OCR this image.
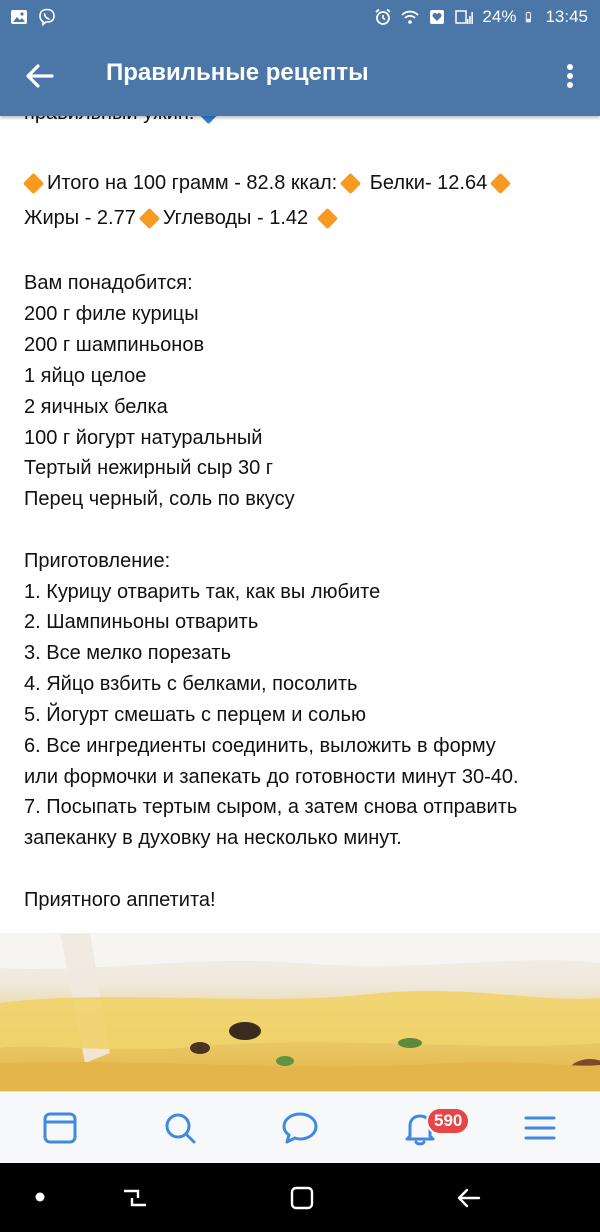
24% 13:45
Правильные рецепты
Итого на 100 грамм - 82.8 ккал: Белки- 12.64
Жиры - 2.77 Углеводы - 1.42
Вам понадобится:
200 г филе курицы
200 г шампиньонов
1 яйцо целое
2 яичных белка
100 г йогурт натуральный
Тертый нежирный сыр 30 г
Перец черный, соль по вкусу
Приготовление:
1. Курицу отварить так, как вы любите
2. Шампиньоны отварить
3. Все мелко порезать
4. Яйцо взбить с белками, посолить
5. Йогурт смешать с перцем и солью
6. Все ингредиенты соединить, выложить в форму
или формочки и запекать до готовности минут 30-40.
7. Посыпать тертым сыром, а затем снова отправить
запеканку в духовку на несколько минут.
Приятного аппетита!
590
